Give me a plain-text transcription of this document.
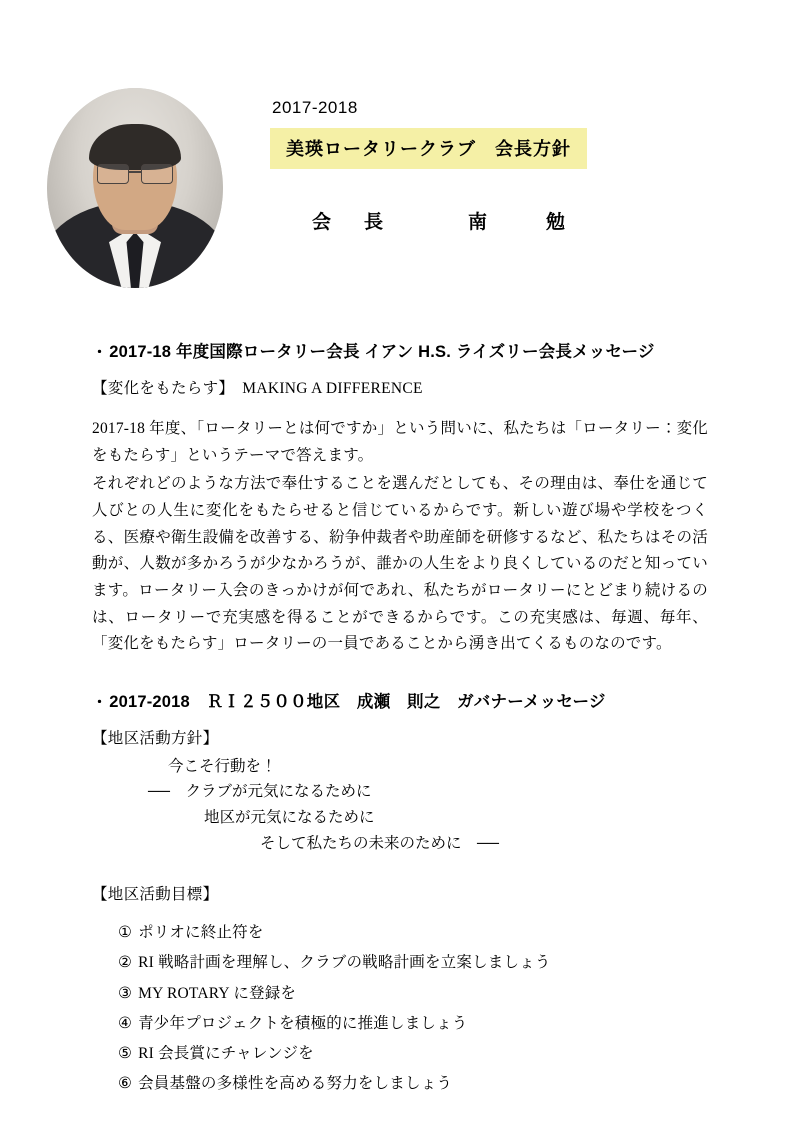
2017-2018
美瑛ロータリークラブ　会長方針
会　長　　　南　　勉
・ 2017-18 年度国際ロータリー会長 イアン H.S. ライズリー会長メッセージ
【変化をもたらす】　MAKING A DIFFERENCE

2017-18 年度、「ロータリーとは何ですか」という問いに、私たちは「ロータリー：変化をもたらす」というテーマで答えます。

それぞれどのような方法で奉仕することを選んだとしても、その理由は、奉仕を通じて人びとの人生に変化をもたらせると信じているからです。新しい遊び場や学校をつくる、医療や衛生設備を改善する、紛争仲裁者や助産師を研修するなど、私たちはその活動が、人数が多かろうが少なかろうが、誰かの人生をより良くしているのだと知っています。ロータリー入会のきっかけが何であれ、私たちがロータリーにとどまり続けるのは、ロータリーで充実感を得ることができるからです。この充実感は、毎週、毎年、「変化をもたらす」ロータリーの一員であることから湧き出てくるものなのです。

・ 2017-2018　ＲＩ２５００地区　成瀬　則之　ガバナーメッセージ
【地区活動方針】
今こそ行動を！
──　クラブが元気になるために
地区が元気になるために
そして私たちの未来のために　──
【地区活動目標】
① ポリオに終止符を
② RI 戦略計画を理解し、クラブの戦略計画を立案しましょう
③ MY ROTARY に登録を
④ 青少年プロジェクトを積極的に推進しましょう
⑤ RI 会長賞にチャレンジを
⑥ 会員基盤の多様性を高める努力をしましょう
